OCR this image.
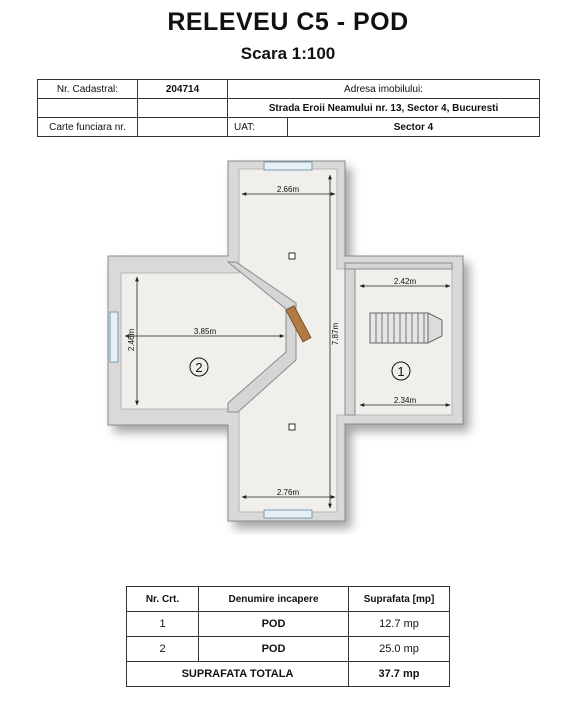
RELEVEU C5 - POD
Scara 1:100
Nr. Cadastral:	204714	Adresa imobilului:	
		Strada Eroii Neamului nr. 13, Sector 4, Bucuresti	
Carte funciara nr.		UAT:	Sector 4
2.66m
2.76m
7.87m
3.85m
2.46m
2.42m
2.34m
2	1
Nr. Crt.	Denumire incapere	Suprafata [mp]
1	POD	12.7 mp
2	POD	25.0 mp
SUPRAFATA TOTALA		37.7 mp
